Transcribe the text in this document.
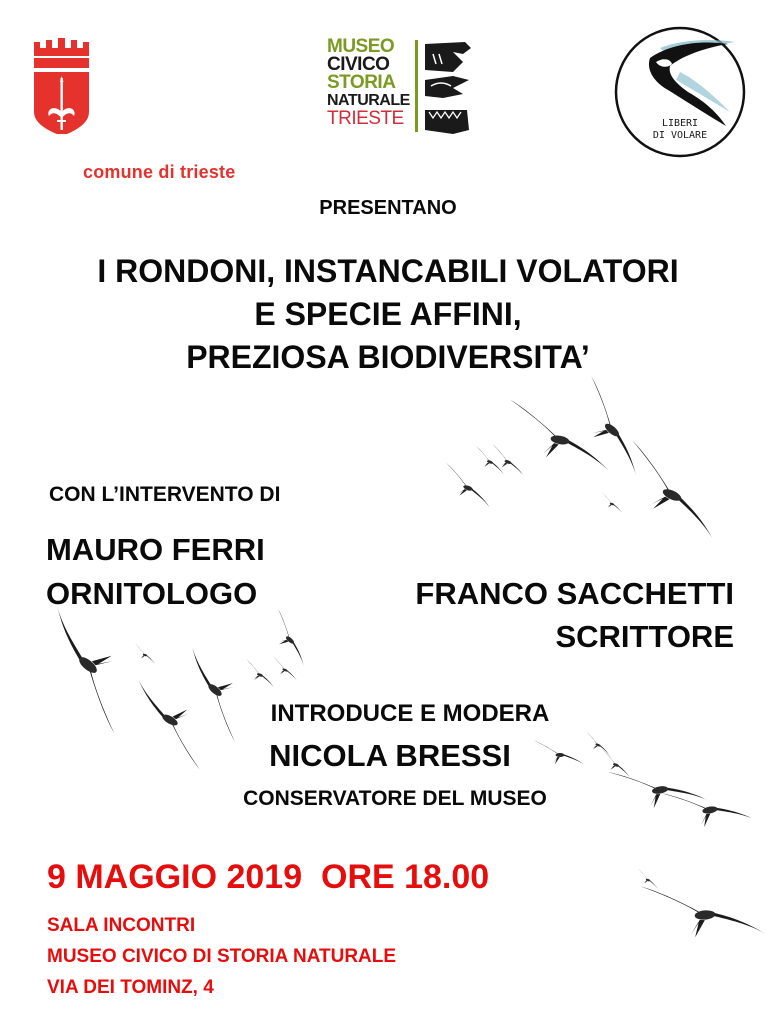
comune di trieste
MUSEO
CIVICO
STORIA
NATURALE
TRIESTE	LIBERI
DI VOLARE
PRESENTANO
I RONDONI, INSTANCABILI VOLATORI
E SPECIE AFFINI,
PREZIOSA BIODIVERSITA’
CON L’INTERVENTO DI
MAURO FERRI
ORNITOLOGO	FRANCO SACCHETTI
SCRITTORE
INTRODUCE E MODERA
NICOLA BRESSI
CONSERVATORE DEL MUSEO
9 MAGGIO 2019  ORE 18.00
SALA INCONTRI
MUSEO CIVICO DI STORIA NATURALE
VIA DEI TOMINZ, 4
